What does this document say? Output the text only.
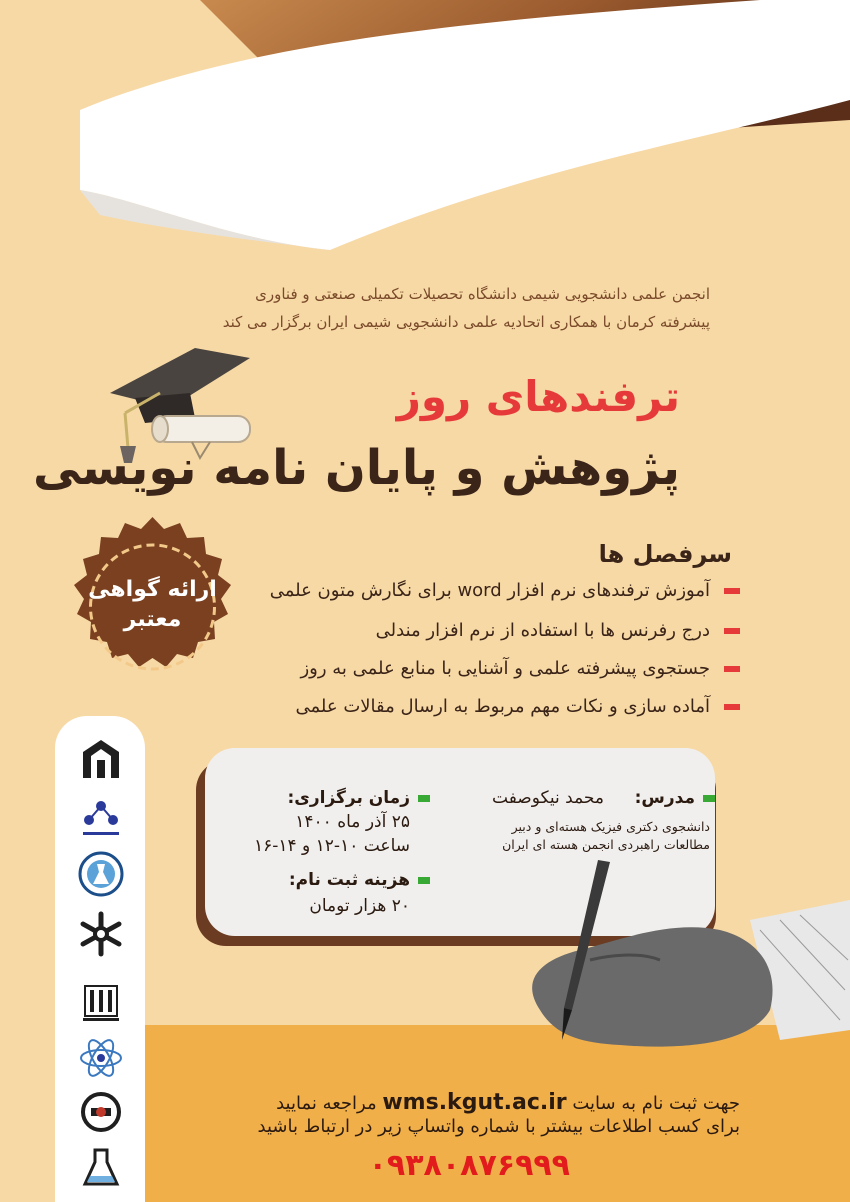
انجمن علمی دانشجویی شیمی دانشگاه تحصیلات تکمیلی صنعتی و فناوری
پیشرفته کرمان با همکاری اتحادیه علمی دانشجویی شیمی ایران برگزار می کند
ترفندهای روز
پژوهش و پایان نامه نویسی
ارائه گواهی
معتبر
سرفصل ها
آموزش ترفندهای نرم افزار word برای نگارش متون علمی
درج رفرنس ها با استفاده از نرم افزار مندلی
جستجوی پیشرفته علمی و آشنایی با منابع علمی به روز
آماده سازی و نکات مهم مربوط به ارسال مقالات علمی
مدرس:
محمد نیکوصفت
دانشجوی دکتری فیزیک هسته‌ای و دبیر
مطالعات راهبردی انجمن هسته ای ایران
زمان برگزاری:
۲۵ آذر ماه ۱۴۰۰
ساعت ۱۰-۱۲ و ۱۴-۱۶
هزینه ثبت نام:
۲۰ هزار تومان
جهت ثبت نام به سایت wms.kgut.ac.ir مراجعه نمایید
برای کسب اطلاعات بیشتر با شماره واتساپ زیر در ارتباط باشید
۰۹۳۸۰۸۷۶۹۹۹
